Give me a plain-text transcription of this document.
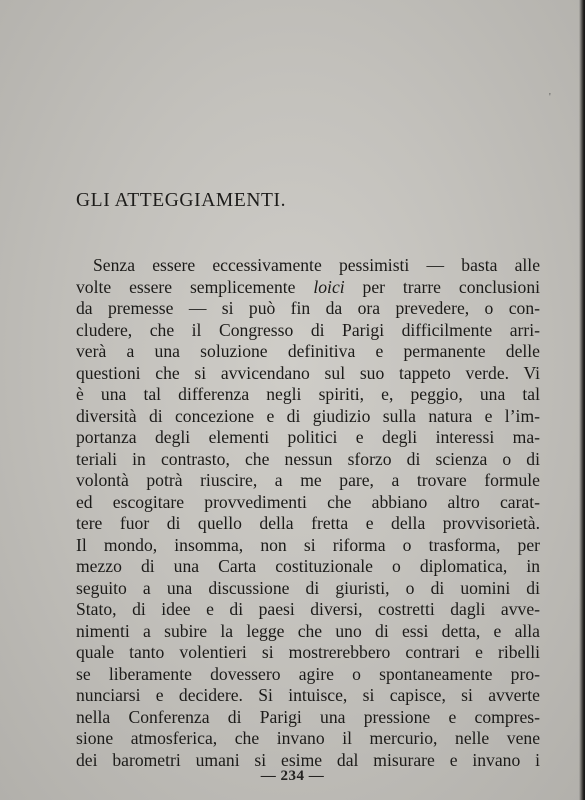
'
GLI ATTEGGIAMENTI.
Senza essere eccessivamente pessimisti — basta alle
volte essere semplicemente loici per trarre conclusioni
da premesse — si può fin da ora prevedere, o con-
cludere, che il Congresso di Parigi difficilmente arri-
verà a una soluzione definitiva e permanente delle
questioni che si avvicendano sul suo tappeto verde. Vi
è una tal differenza negli spiriti, e, peggio, una tal
diversità di concezione e di giudizio sulla natura e l’im-
portanza degli elementi politici e degli interessi ma-
teriali in contrasto, che nessun sforzo di scienza o di
volontà potrà riuscire, a me pare, a trovare formule
ed escogitare provvedimenti che abbiano altro carat-
tere fuor di quello della fretta e della provvisorietà.
Il mondo, insomma, non si riforma o trasforma, per
mezzo di una Carta costituzionale o diplomatica, in
seguito a una discussione di giuristi, o di uomini di
Stato, di idee e di paesi diversi, costretti dagli avve-
nimenti a subire la legge che uno di essi detta, e alla
quale tanto volentieri si mostrerebbero contrari e ribelli
se liberamente dovessero agire o spontaneamente pro-
nunciarsi e decidere. Si intuisce, si capisce, si avverte
nella Conferenza di Parigi una pressione e compres-
sione atmosferica, che invano il mercurio, nelle vene
dei barometri umani si esime dal misurare e invano i
— 234 —
